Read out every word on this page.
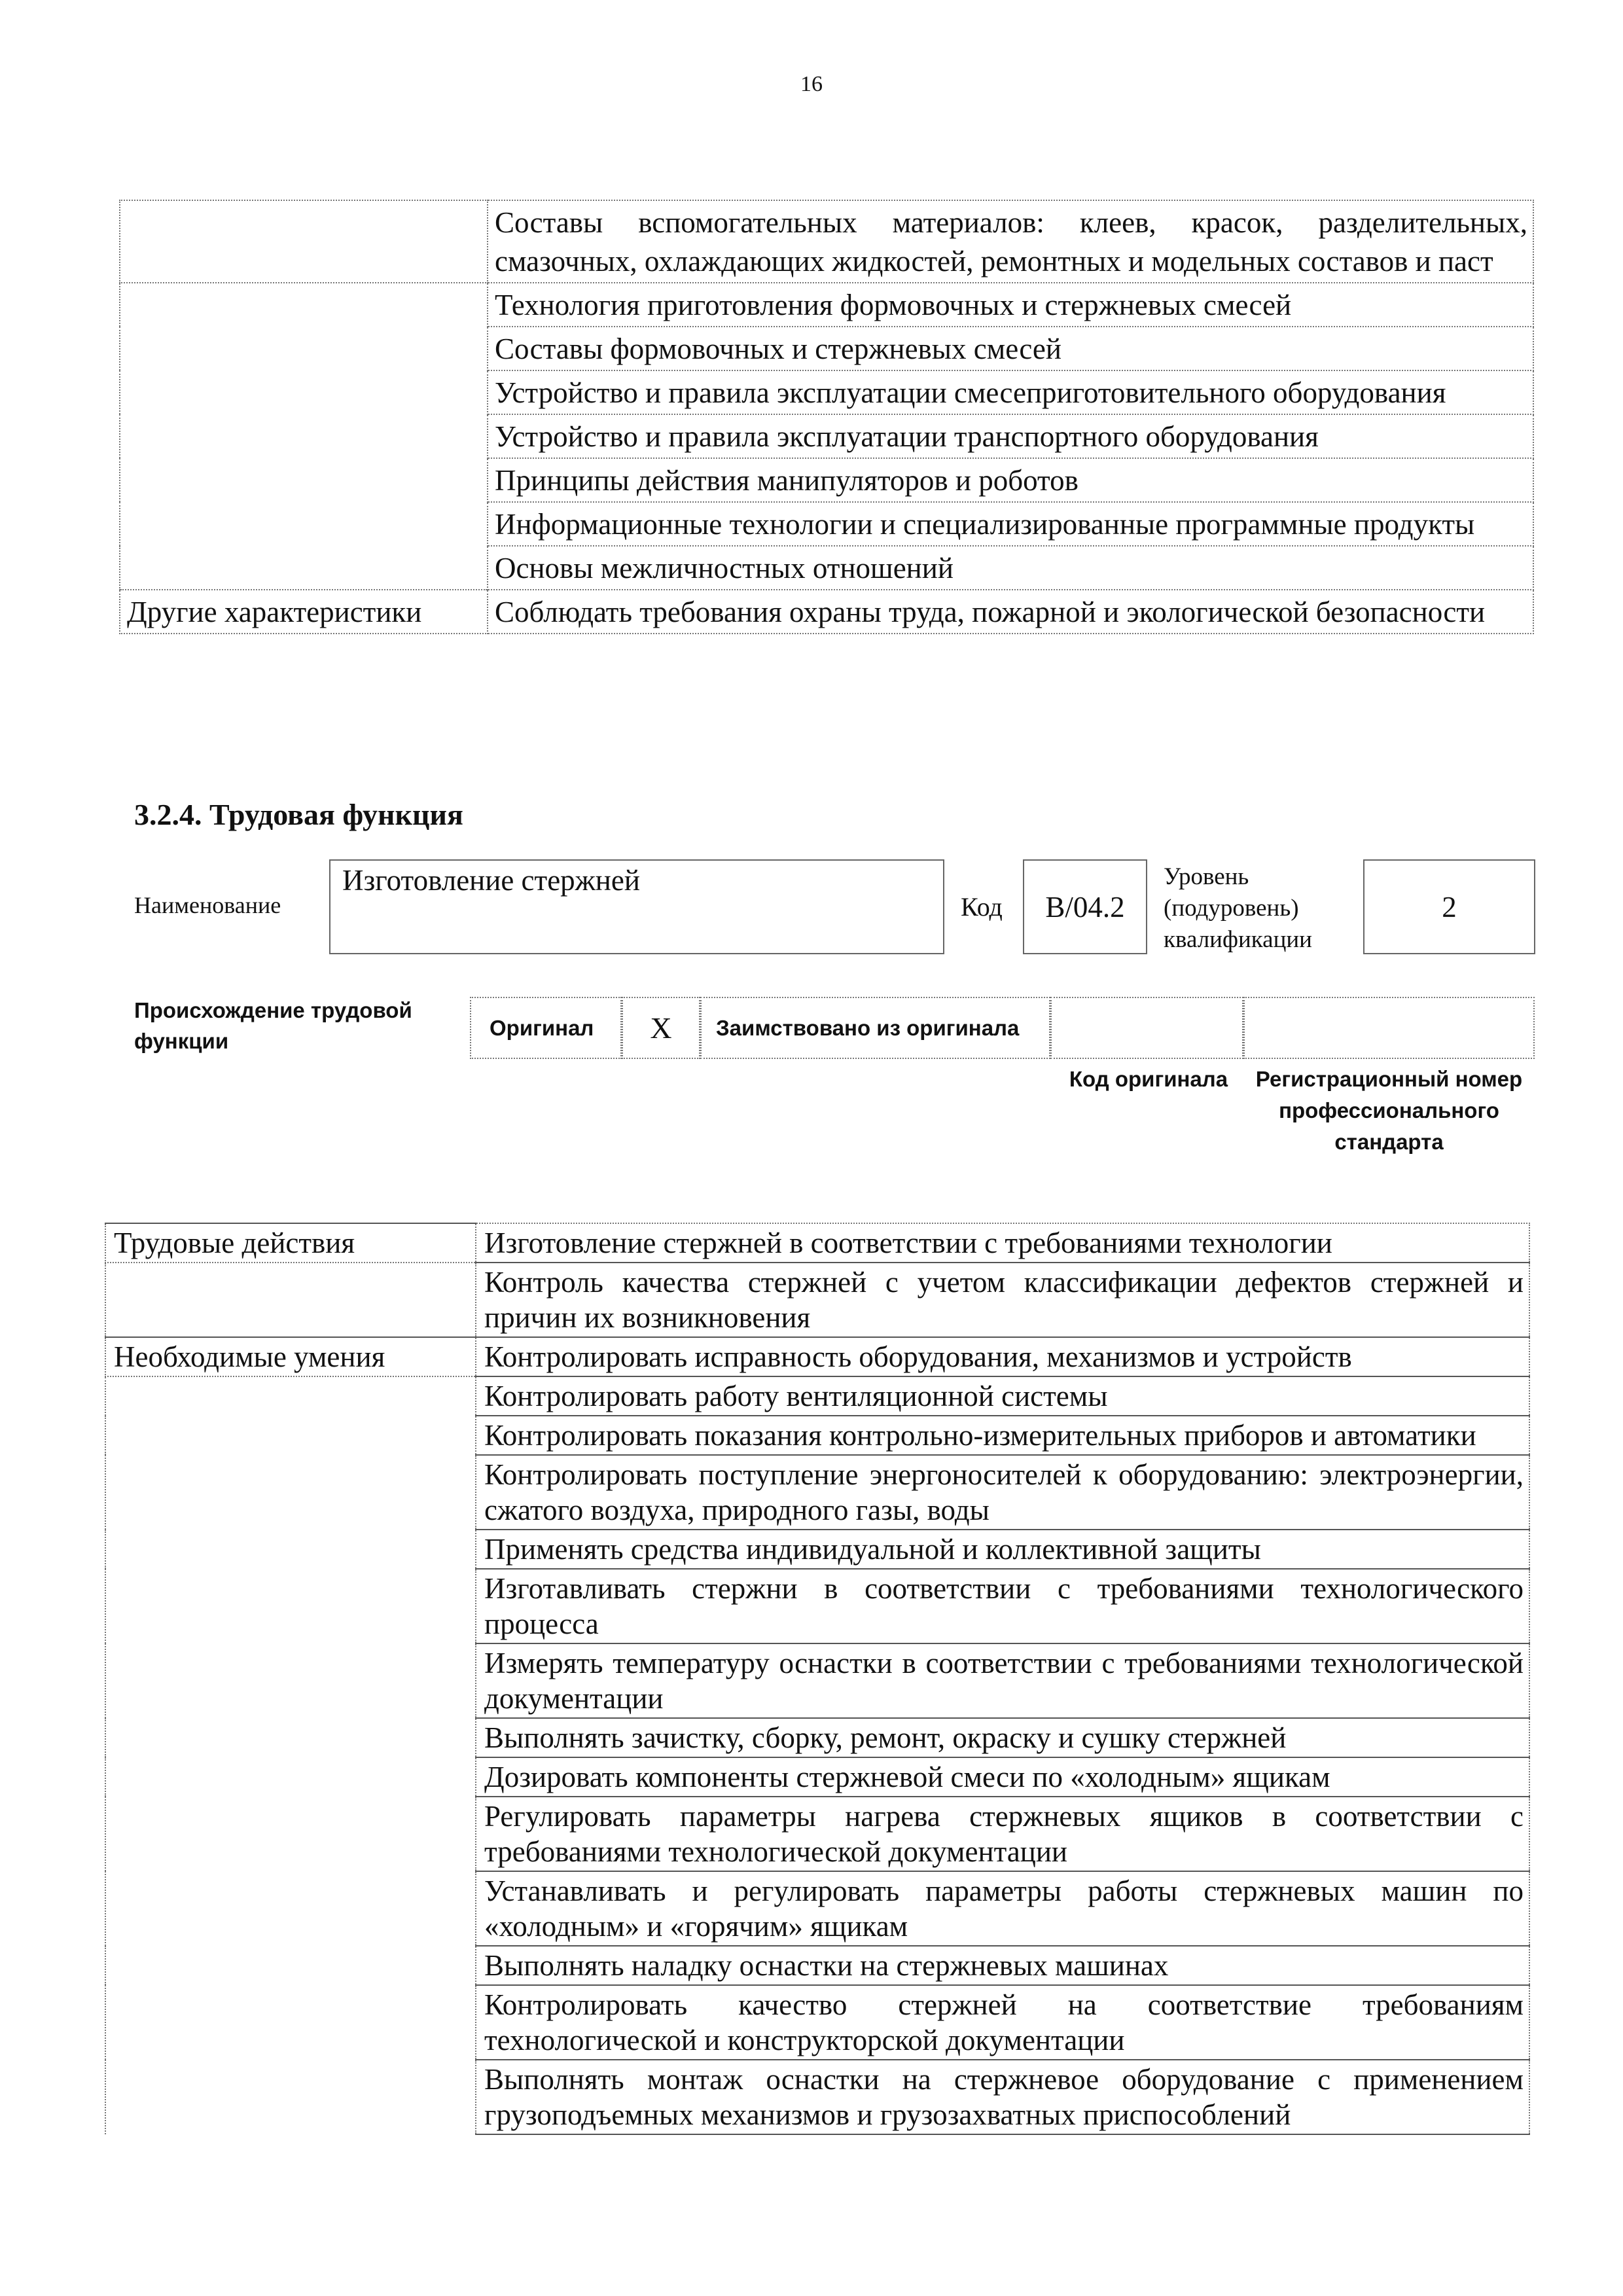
16
	Составы вспомогательных материалов: клеев, красок, разделительных, смазочных, охлаждающих жидкостей, ремонтных и модельных составов и паст
	Технология приготовления формовочных и стержневых смесей
	Составы формовочных и стержневых смесей
	Устройство и правила эксплуатации смесеприготовительного оборудования
	Устройство и правила эксплуатации транспортного оборудования
	Принципы действия манипуляторов и роботов
	Информационные технологии и специализированные программные продукты
	Основы межличностных отношений
Другие характеристики	Соблюдать требования охраны труда, пожарной и экологической безопасности
3.2.4. Трудовая функция
Наименование
Изготовление стержней
Код B/04.2
Уровень (подуровень) квалификации
2
Происхождение трудовой функции
Оригинал X Заимствовано из оригинала
Код оригинала	Регистрационный номер профессионального стандарта
Трудовые действия	Изготовление стержней в соответствии с требованиями технологии
	Контроль качества стержней с учетом классификации дефектов стержней и причин их возникновения
Необходимые умения	Контролировать исправность оборудования, механизмов и устройств
	Контролировать работу вентиляционной системы
	Контролировать показания контрольно-измерительных приборов и автоматики
	Контролировать поступление энергоносителей к оборудованию: электроэнергии, сжатого воздуха, природного газы, воды
	Применять средства индивидуальной и коллективной защиты
	Изготавливать стержни в соответствии с требованиями технологического процесса
	Измерять температуру оснастки в соответствии с требованиями технологической документации
	Выполнять зачистку, сборку, ремонт, окраску и сушку стержней
	Дозировать компоненты стержневой смеси по «холодным» ящикам
	Регулировать параметры нагрева стержневых ящиков в соответствии с требованиями технологической документации
	Устанавливать и регулировать параметры работы стержневых машин по «холодным» и «горячим» ящикам
	Выполнять наладку оснастки на стержневых машинах
	Контролировать качество стержней на соответствие требованиям технологической и конструкторской документации
	Выполнять монтаж оснастки на стержневое оборудование с применением грузоподъемных механизмов и грузозахватных приспособлений
